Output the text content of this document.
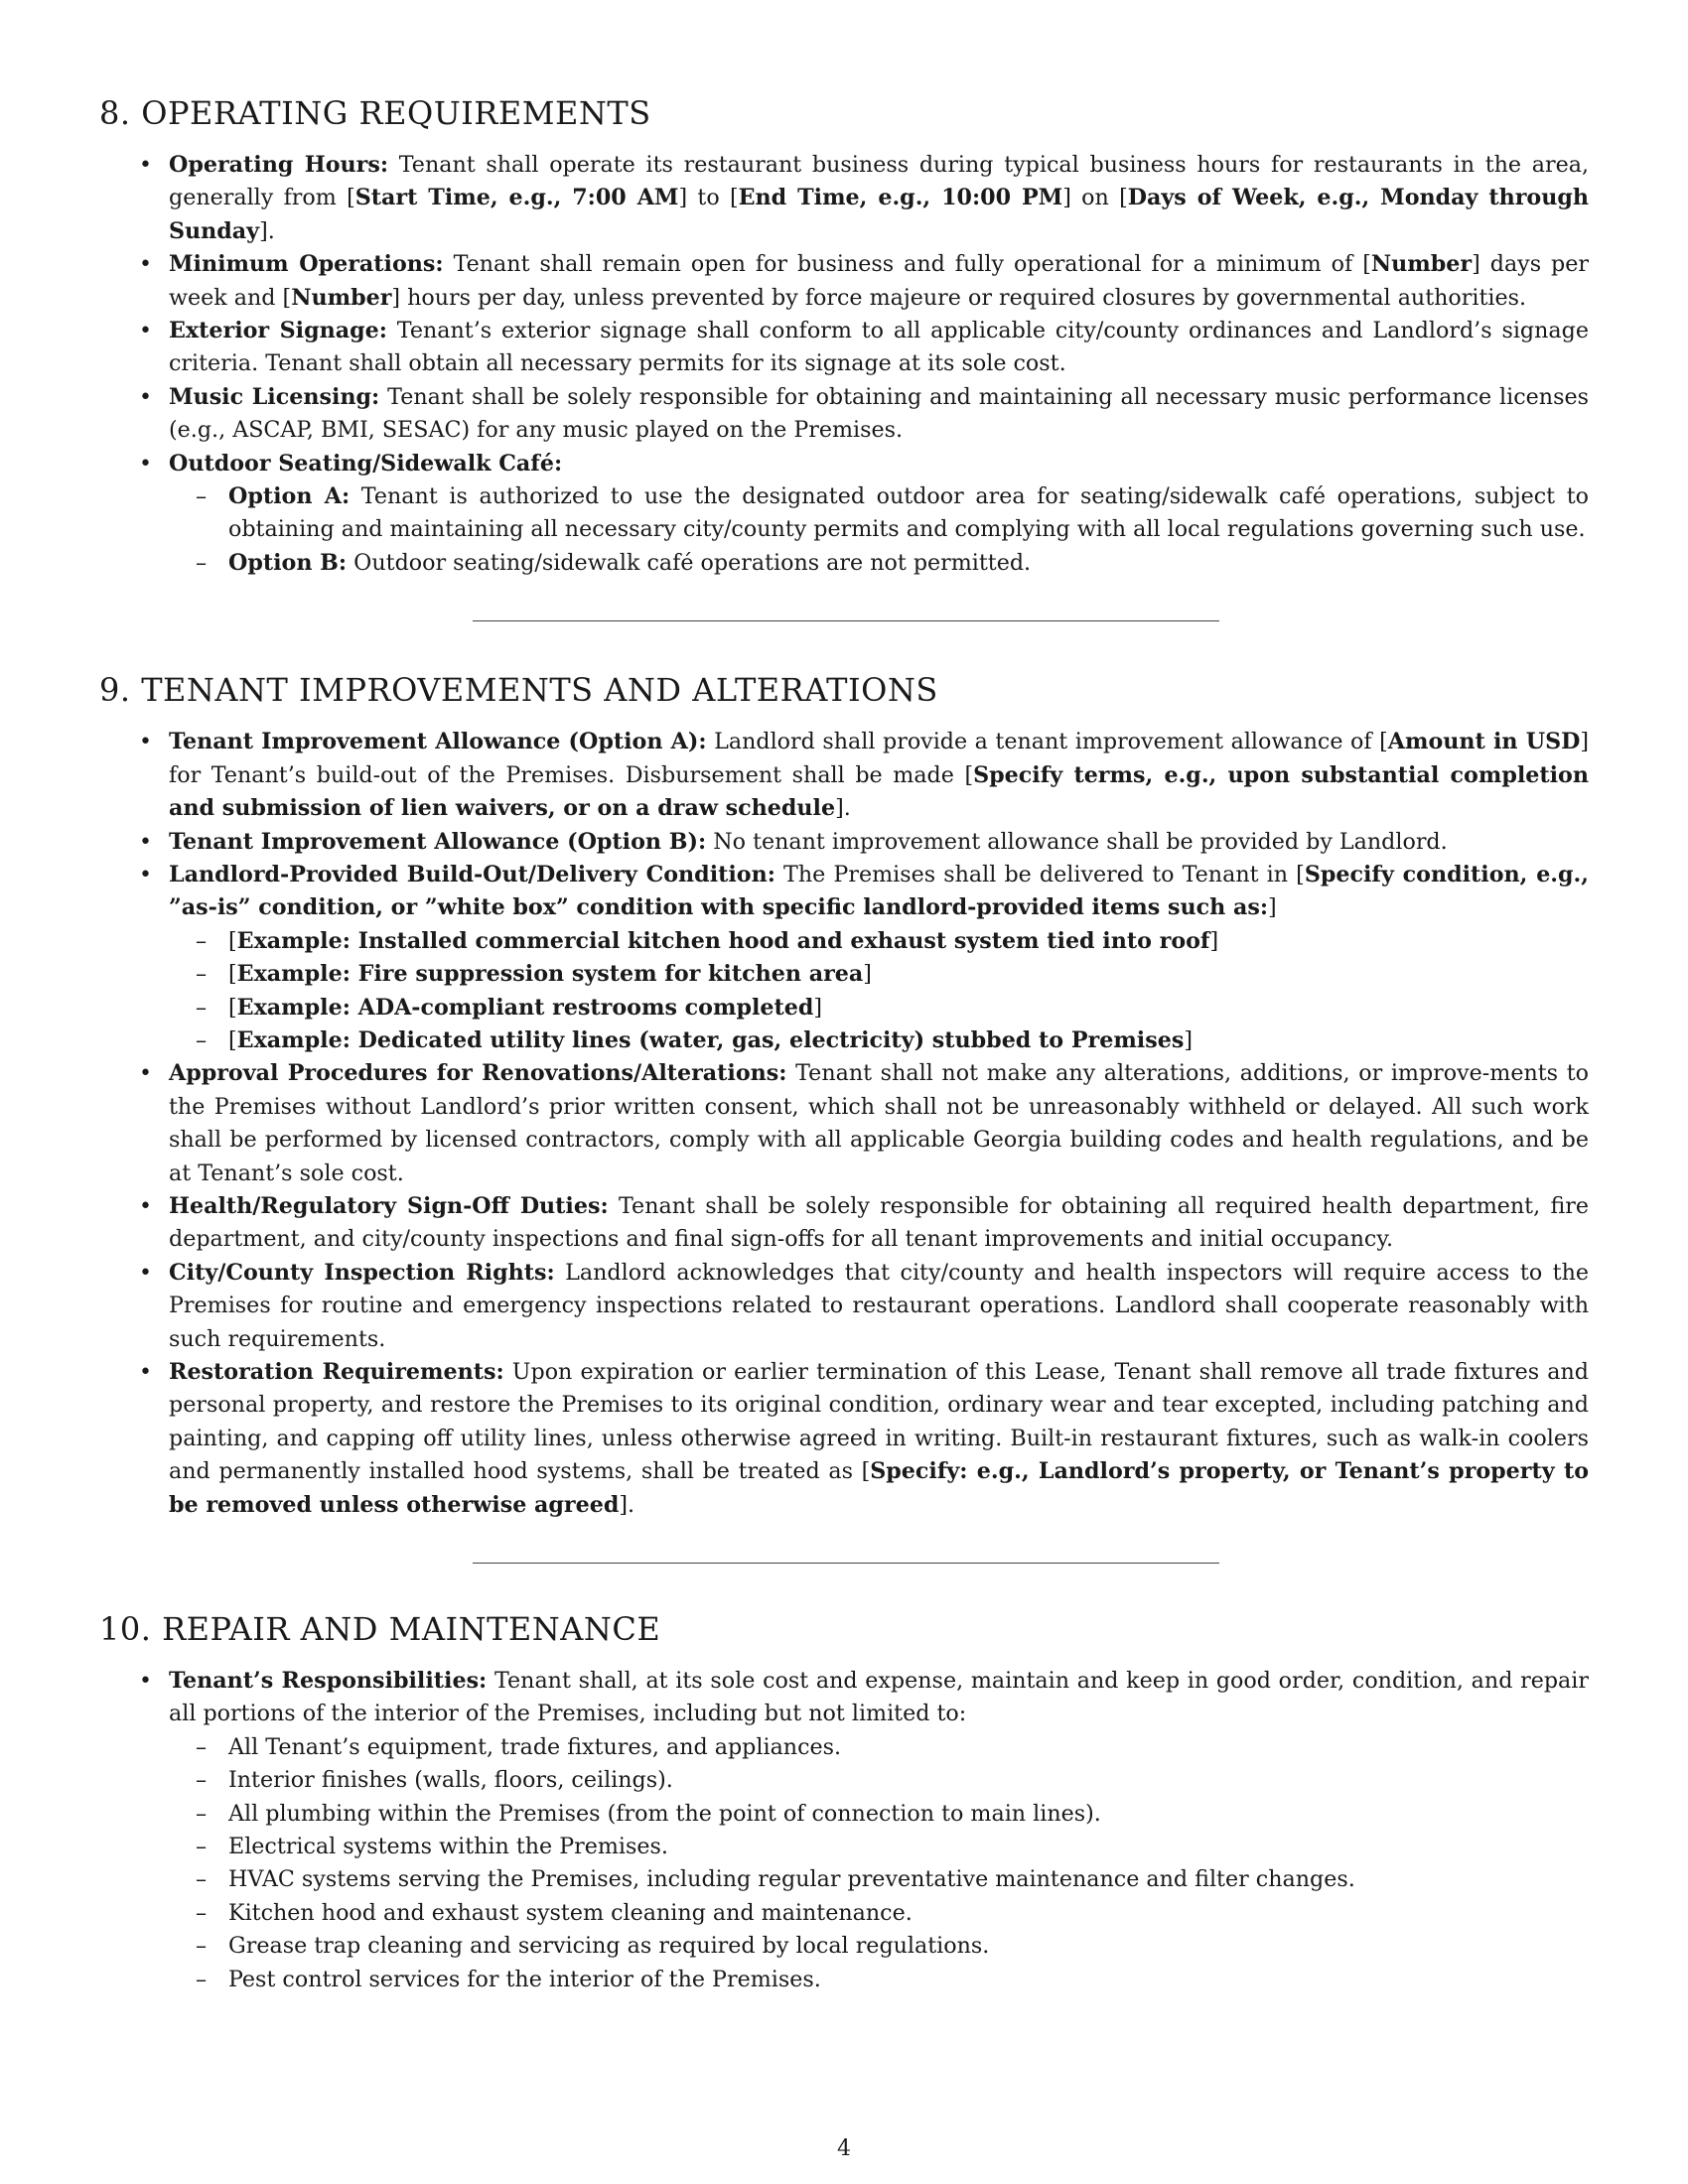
8. OPERATING REQUIREMENTS
• Operating Hours: Tenant shall operate its restaurant business during typical business hours for restaurants in the area, generally from [Start Time, e.g., 7:00 AM] to [End Time, e.g., 10:00 PM] on [Days of Week, e.g., Monday through Sunday].
• Minimum Operations: Tenant shall remain open for business and fully operational for a minimum of [Number] days per week and [Number] hours per day, unless prevented by force majeure or required closures by governmental authorities.
• Exterior Signage: Tenant’s exterior signage shall conform to all applicable city/county ordinances and Landlord’s signage criteria. Tenant shall obtain all necessary permits for its signage at its sole cost.
• Music Licensing: Tenant shall be solely responsible for obtaining and maintaining all necessary music performance licenses (e.g., ASCAP, BMI, SESAC) for any music played on the Premises.
• Outdoor Seating/Sidewalk Café:
– Option A: Tenant is authorized to use the designated outdoor area for seating/sidewalk café operations, subject to obtaining and maintaining all necessary city/county permits and complying with all local regulations governing such use.
– Option B: Outdoor seating/sidewalk café operations are not permitted.
9. TENANT IMPROVEMENTS AND ALTERATIONS
• Tenant Improvement Allowance (Option A): Landlord shall provide a tenant improvement allowance of [Amount in USD] for Tenant’s build-out of the Premises. Disbursement shall be made [Specify terms, e.g., upon substantial completion and submission of lien waivers, or on a draw schedule].
• Tenant Improvement Allowance (Option B): No tenant improvement allowance shall be provided by Landlord.
• Landlord-Provided Build-Out/Delivery Condition: The Premises shall be delivered to Tenant in [Specify condition, e.g., ”as-is” condition, or ”white box” condition with specific landlord-provided items such as:]
– [Example: Installed commercial kitchen hood and exhaust system tied into roof]
– [Example: Fire suppression system for kitchen area]
– [Example: ADA-compliant restrooms completed]
– [Example: Dedicated utility lines (water, gas, electricity) stubbed to Premises]
• Approval Procedures for Renovations/Alterations: Tenant shall not make any alterations, additions, or improve-ments to the Premises without Landlord’s prior written consent, which shall not be unreasonably withheld or delayed. All such work shall be performed by licensed contractors, comply with all applicable Georgia building codes and health regulations, and be at Tenant’s sole cost.
• Health/Regulatory Sign-Off Duties: Tenant shall be solely responsible for obtaining all required health department, fire department, and city/county inspections and final sign-offs for all tenant improvements and initial occupancy.
• City/County Inspection Rights: Landlord acknowledges that city/county and health inspectors will require access to the Premises for routine and emergency inspections related to restaurant operations. Landlord shall cooperate reasonably with such requirements.
• Restoration Requirements: Upon expiration or earlier termination of this Lease, Tenant shall remove all trade fixtures and personal property, and restore the Premises to its original condition, ordinary wear and tear excepted, including patching and painting, and capping off utility lines, unless otherwise agreed in writing. Built-in restaurant fixtures, such as walk-in coolers and permanently installed hood systems, shall be treated as [Specify: e.g., Landlord’s property, or Tenant’s property to be removed unless otherwise agreed].
10. REPAIR AND MAINTENANCE
• Tenant’s Responsibilities: Tenant shall, at its sole cost and expense, maintain and keep in good order, condition, and repair all portions of the interior of the Premises, including but not limited to:
– All Tenant’s equipment, trade fixtures, and appliances.
– Interior finishes (walls, floors, ceilings).
– All plumbing within the Premises (from the point of connection to main lines).
– Electrical systems within the Premises.
– HVAC systems serving the Premises, including regular preventative maintenance and filter changes.
– Kitchen hood and exhaust system cleaning and maintenance.
– Grease trap cleaning and servicing as required by local regulations.
– Pest control services for the interior of the Premises.
4
